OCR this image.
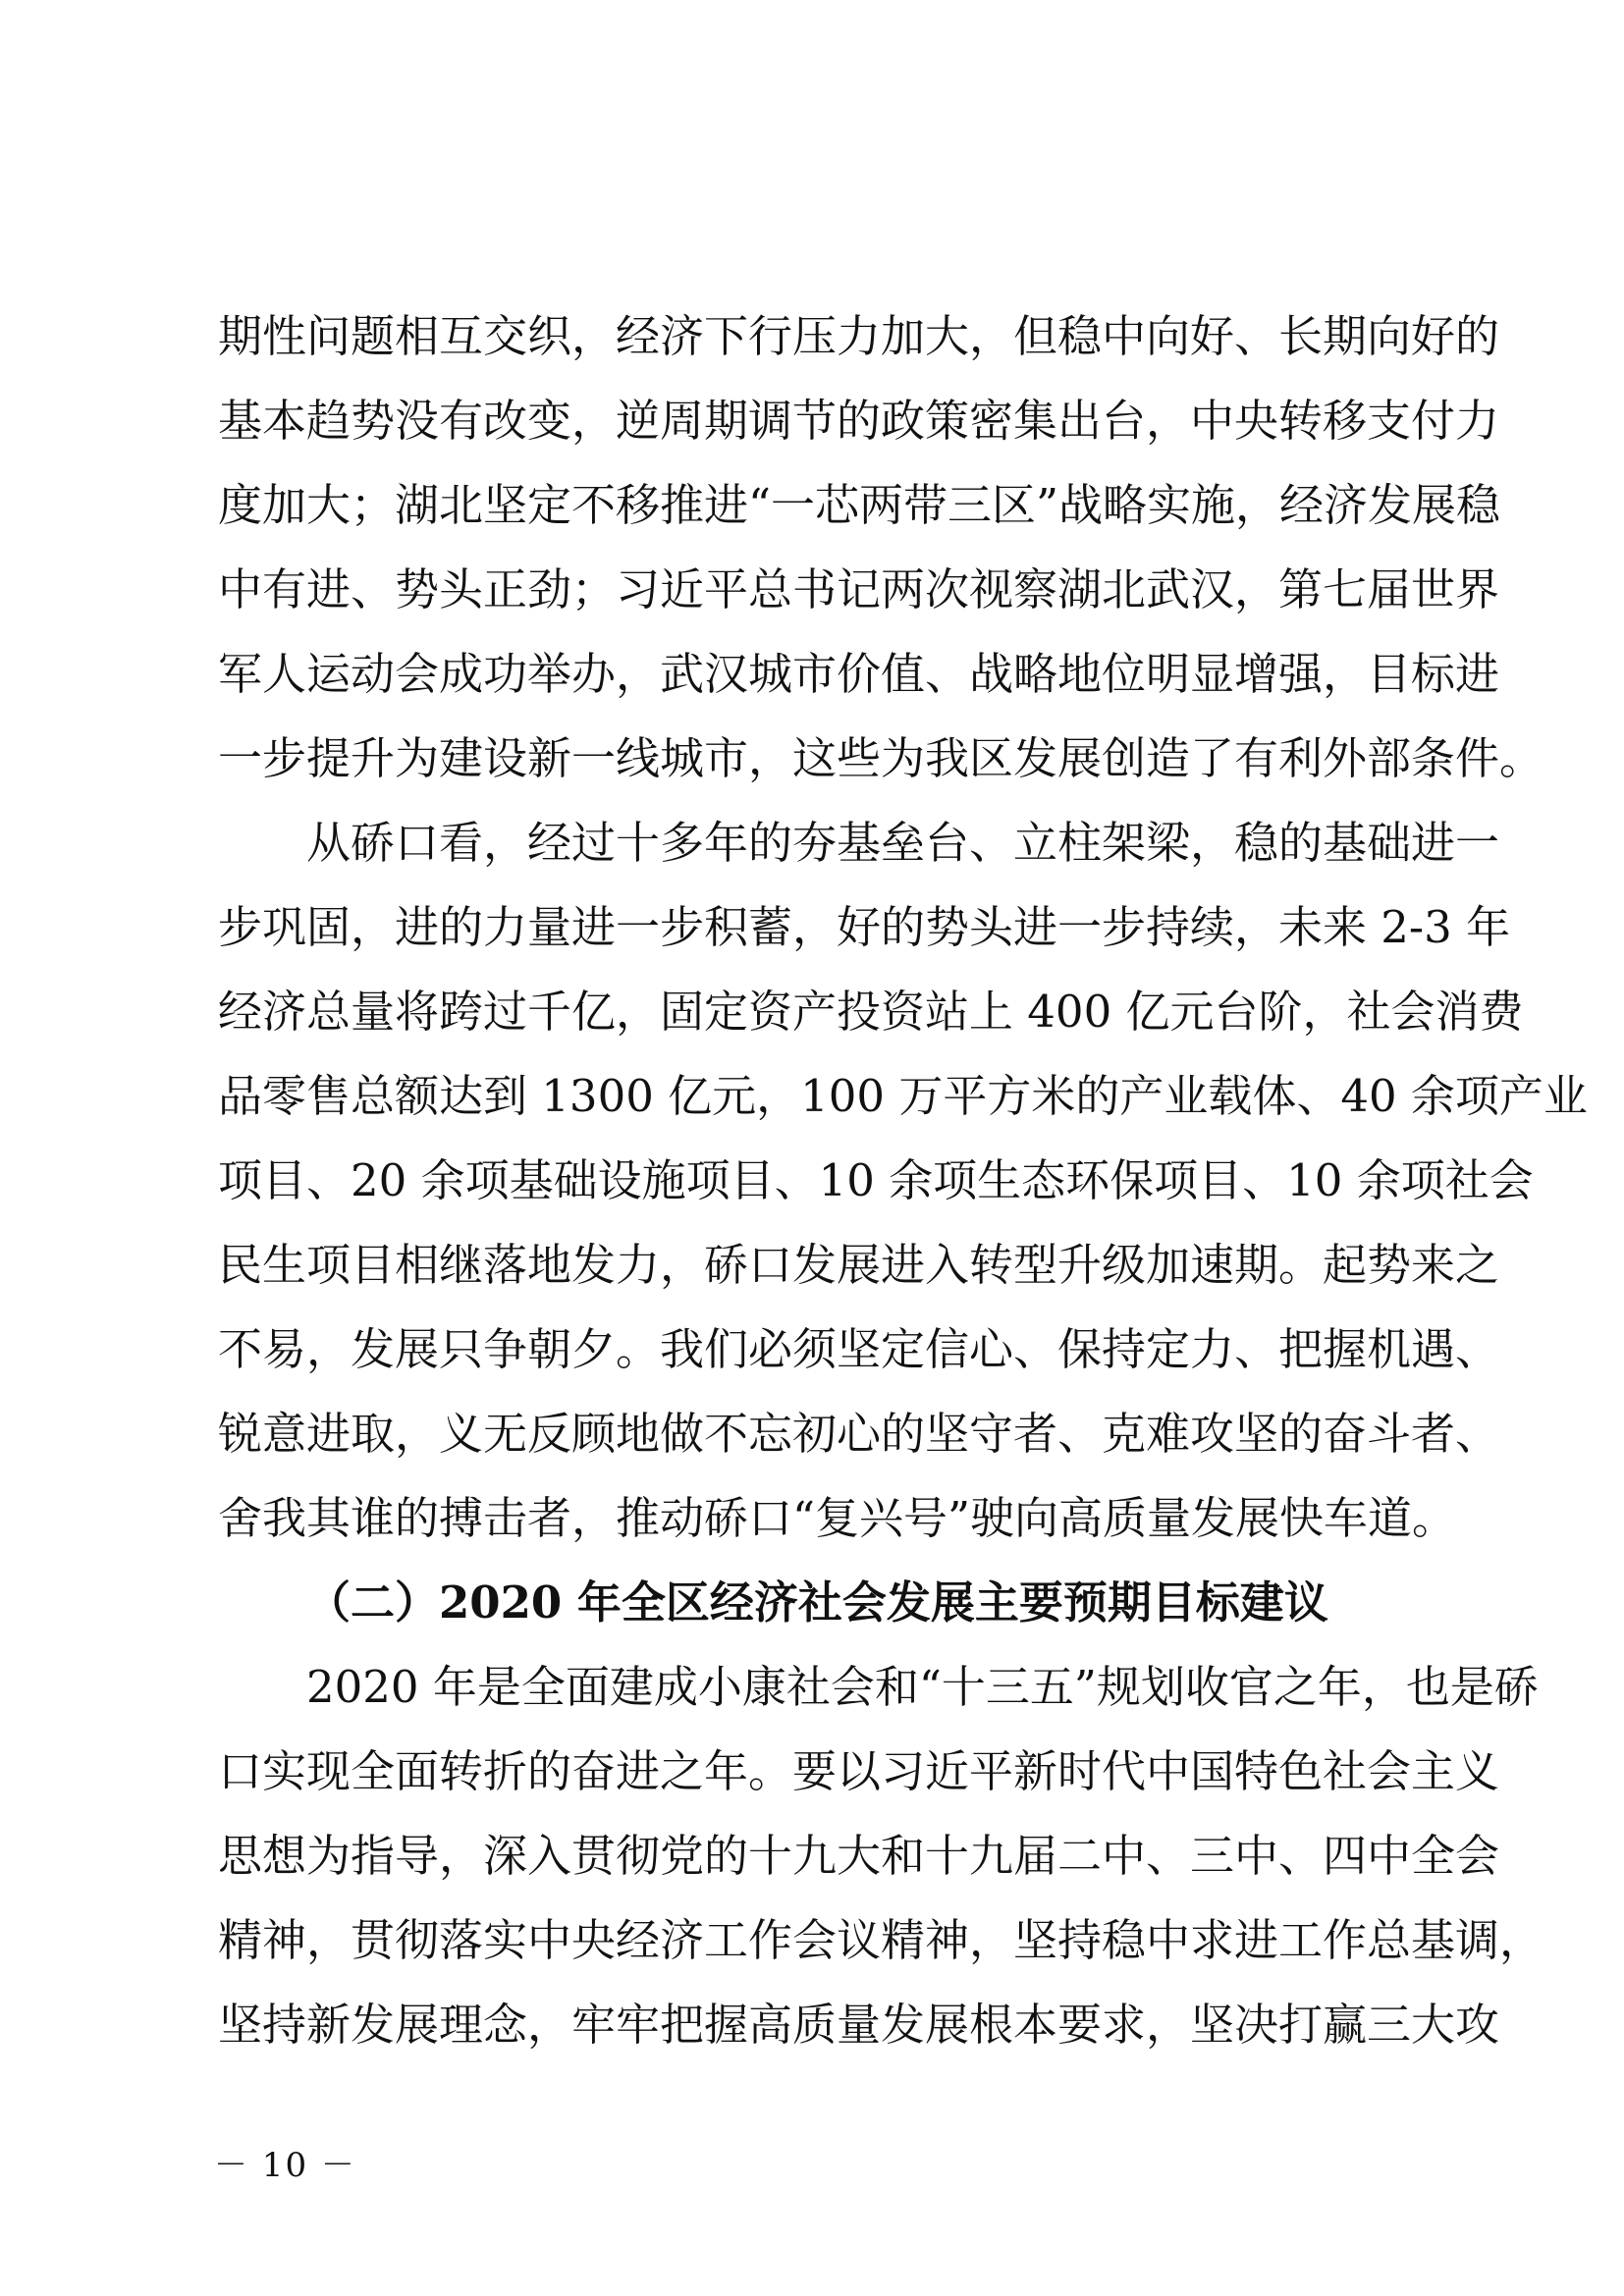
期性问题相互交织，经济下行压力加大，但稳中向好、长期向好的
基本趋势没有改变，逆周期调节的政策密集出台，中央转移支付力
度加大；湖北坚定不移推进“一芯两带三区”战略实施，经济发展稳
中有进、势头正劲；习近平总书记两次视察湖北武汉，第七届世界
军人运动会成功举办，武汉城市价值、战略地位明显增强，目标进
一步提升为建设新一线城市，这些为我区发展创造了有利外部条件。
从硚口看，经过十多年的夯基垒台、立柱架梁，稳的基础进一
步巩固，进的力量进一步积蓄，好的势头进一步持续，未来 2-3 年
经济总量将跨过千亿，固定资产投资站上 400 亿元台阶，社会消费
品零售总额达到 1300 亿元，100 万平方米的产业载体、40 余项产业
项目、20 余项基础设施项目、10 余项生态环保项目、10 余项社会
民生项目相继落地发力，硚口发展进入转型升级加速期。起势来之
不易，发展只争朝夕。我们必须坚定信心、保持定力、把握机遇、
锐意进取，义无反顾地做不忘初心的坚守者、克难攻坚的奋斗者、
舍我其谁的搏击者，推动硚口“复兴号”驶向高质量发展快车道。
（二）2020 年全区经济社会发展主要预期目标建议
2020 年是全面建成小康社会和“十三五”规划收官之年，也是硚
口实现全面转折的奋进之年。要以习近平新时代中国特色社会主义
思想为指导，深入贯彻党的十九大和十九届二中、三中、四中全会
精神，贯彻落实中央经济工作会议精神，坚持稳中求进工作总基调，
坚持新发展理念，牢牢把握高质量发展根本要求，坚决打赢三大攻
－ 10 －
